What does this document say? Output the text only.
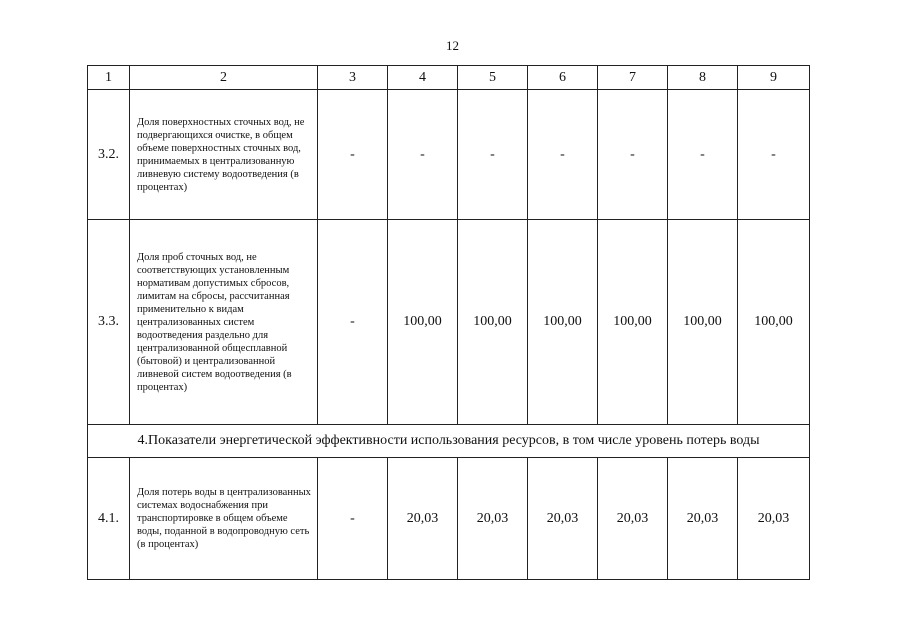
12
1	2	3	4	5	6	7	8	9
3.2.	Доля поверхностных сточных вод, не подвергающихся очистке, в общем объеме поверхностных сточных вод, принимаемых в централизованную ливневую систему водоотведения (в процентах)	-	-	-	-	-	-	-
3.3.	Доля проб сточных вод, не соответствующих установленным нормативам допустимых сбросов, лимитам на сбросы, рассчитанная применительно к видам централизованных систем водоотведения раздельно для централизованной общесплавной (бытовой) и централизованной ливневой систем водоотведения (в процентах)	-	100,00	100,00	100,00	100,00	100,00	100,00
4.Показатели энергетической эффективности использования ресурсов, в том числе уровень потерь воды								
4.1.	Доля потерь воды в централизованных системах водоснабжения при транспортировке в общем объеме воды, поданной в водопроводную сеть (в процентах)	-	20,03	20,03	20,03	20,03	20,03	20,03
